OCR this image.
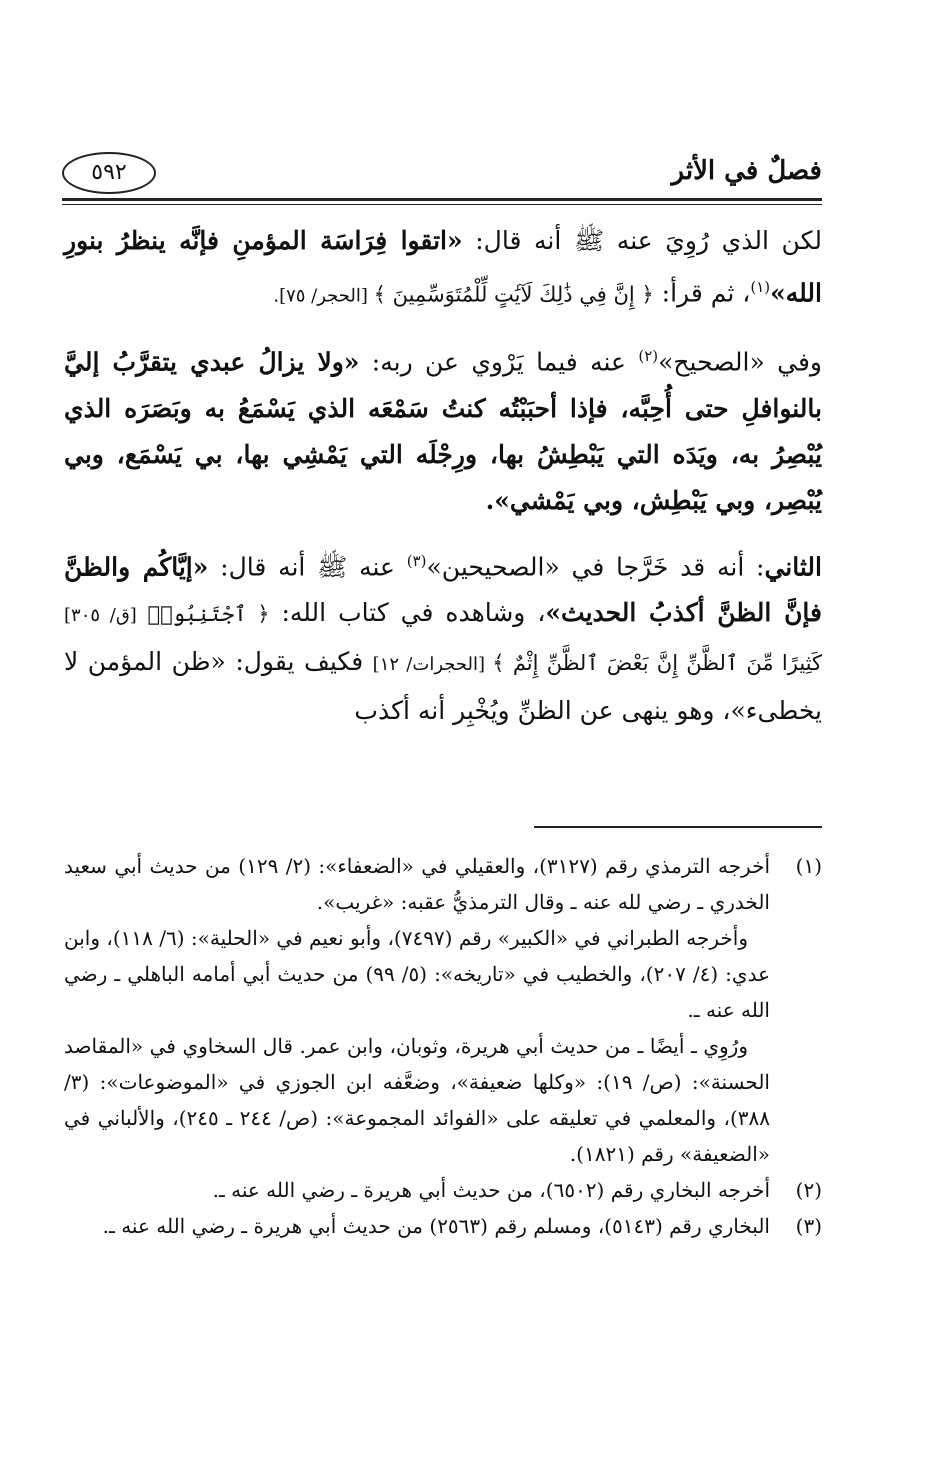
فصلٌ في الأثر
٥٩٢

لكن الذي رُوِيَ عنه ﷺ أنه قال: «اتقوا فِرَاسَة المؤمنِ فإنَّه ينظرُ بنورِ الله»$^{(١)}$، ثم قرأ: ﴿ إِنَّ فِي ذَٰلِكَ لَآيَٰتٍ لِّلْمُتَوَسِّمِينَ ﴾ [الحجر/ ٧٥].

وفي «الصحيح»$^{(٢)}$ عنه فيما يَرْوي عن ربه: «ولا يزالُ عبدي يتقرَّبُ إليَّ بالنوافلِ حتى أُحِبَّه، فإذا أحبَبْتُه كنتُ سَمْعَه الذي يَسْمَعُ به وبَصَرَه الذي يُبْصِرُ به، ويَدَه التي يَبْطِشُ بها، ورِجْلَه التي يَمْشِي بها، بي يَسْمَع، وبي يُبْصِر، وبي يَبْطِش، وبي يَمْشي».

الثاني: أنه قد خَرَّجا في «الصحيحين»$^{(٣)}$ عنه ﷺ أنه قال: «إيَّاكُم والظنَّ فإنَّ الظنَّ أكذبُ الحديث»، وشاهده في كتاب الله: ﴿ ٱجْتَنِبُوا۟ [ق/ ٣٠٥] كَثِيرًا مِّنَ ٱلظَّنِّ إِنَّ بَعْضَ ٱلظَّنِّ إِثْمٌ ﴾ [الحجرات/ ١٢] فكيف يقول: «ظن المؤمن لا يخطىء»، وهو ينهى عن الظنِّ ويُخْبِر أنه أكذب

(١)

أخرجه الترمذي رقم (٣١٢٧)، والعقيلي في «الضعفاء»: (٢/ ١٢٩) من حديث أبي سعيد الخدري ـ رضي لله عنه ـ وقال الترمذيُّ عقبه: «غريب».

وأخرجه الطبراني في «الكبير» رقم (٧٤٩٧)، وأبو نعيم في «الحلية»: (٦/ ١١٨)، وابن عدي: (٤/ ٢٠٧)، والخطيب في «تاريخه»: (٥/ ٩٩) من حديث أبي أمامه الباهلي ـ رضي الله عنه ـ.

ورُوِي ـ أيضًا ـ من حديث أبي هريرة، وثوبان، وابن عمر. قال السخاوي في «المقاصد الحسنة»: (ص/ ١٩): «وكلها ضعيفة»، وضعَّفه ابن الجوزي في «الموضوعات»: (٣/ ٣٨٨)، والمعلمي في تعليقه على «الفوائد المجموعة»: (ص/ ٢٤٤ ـ ٢٤٥)، والألباني في «الضعيفة» رقم (١٨٢١).

(٢)

أخرجه البخاري رقم (٦٥٠٢)، من حديث أبي هريرة ـ رضي الله عنه ـ.

(٣)

البخاري رقم (٥١٤٣)، ومسلم رقم (٢٥٦٣) من حديث أبي هريرة ـ رضي الله عنه ـ.
